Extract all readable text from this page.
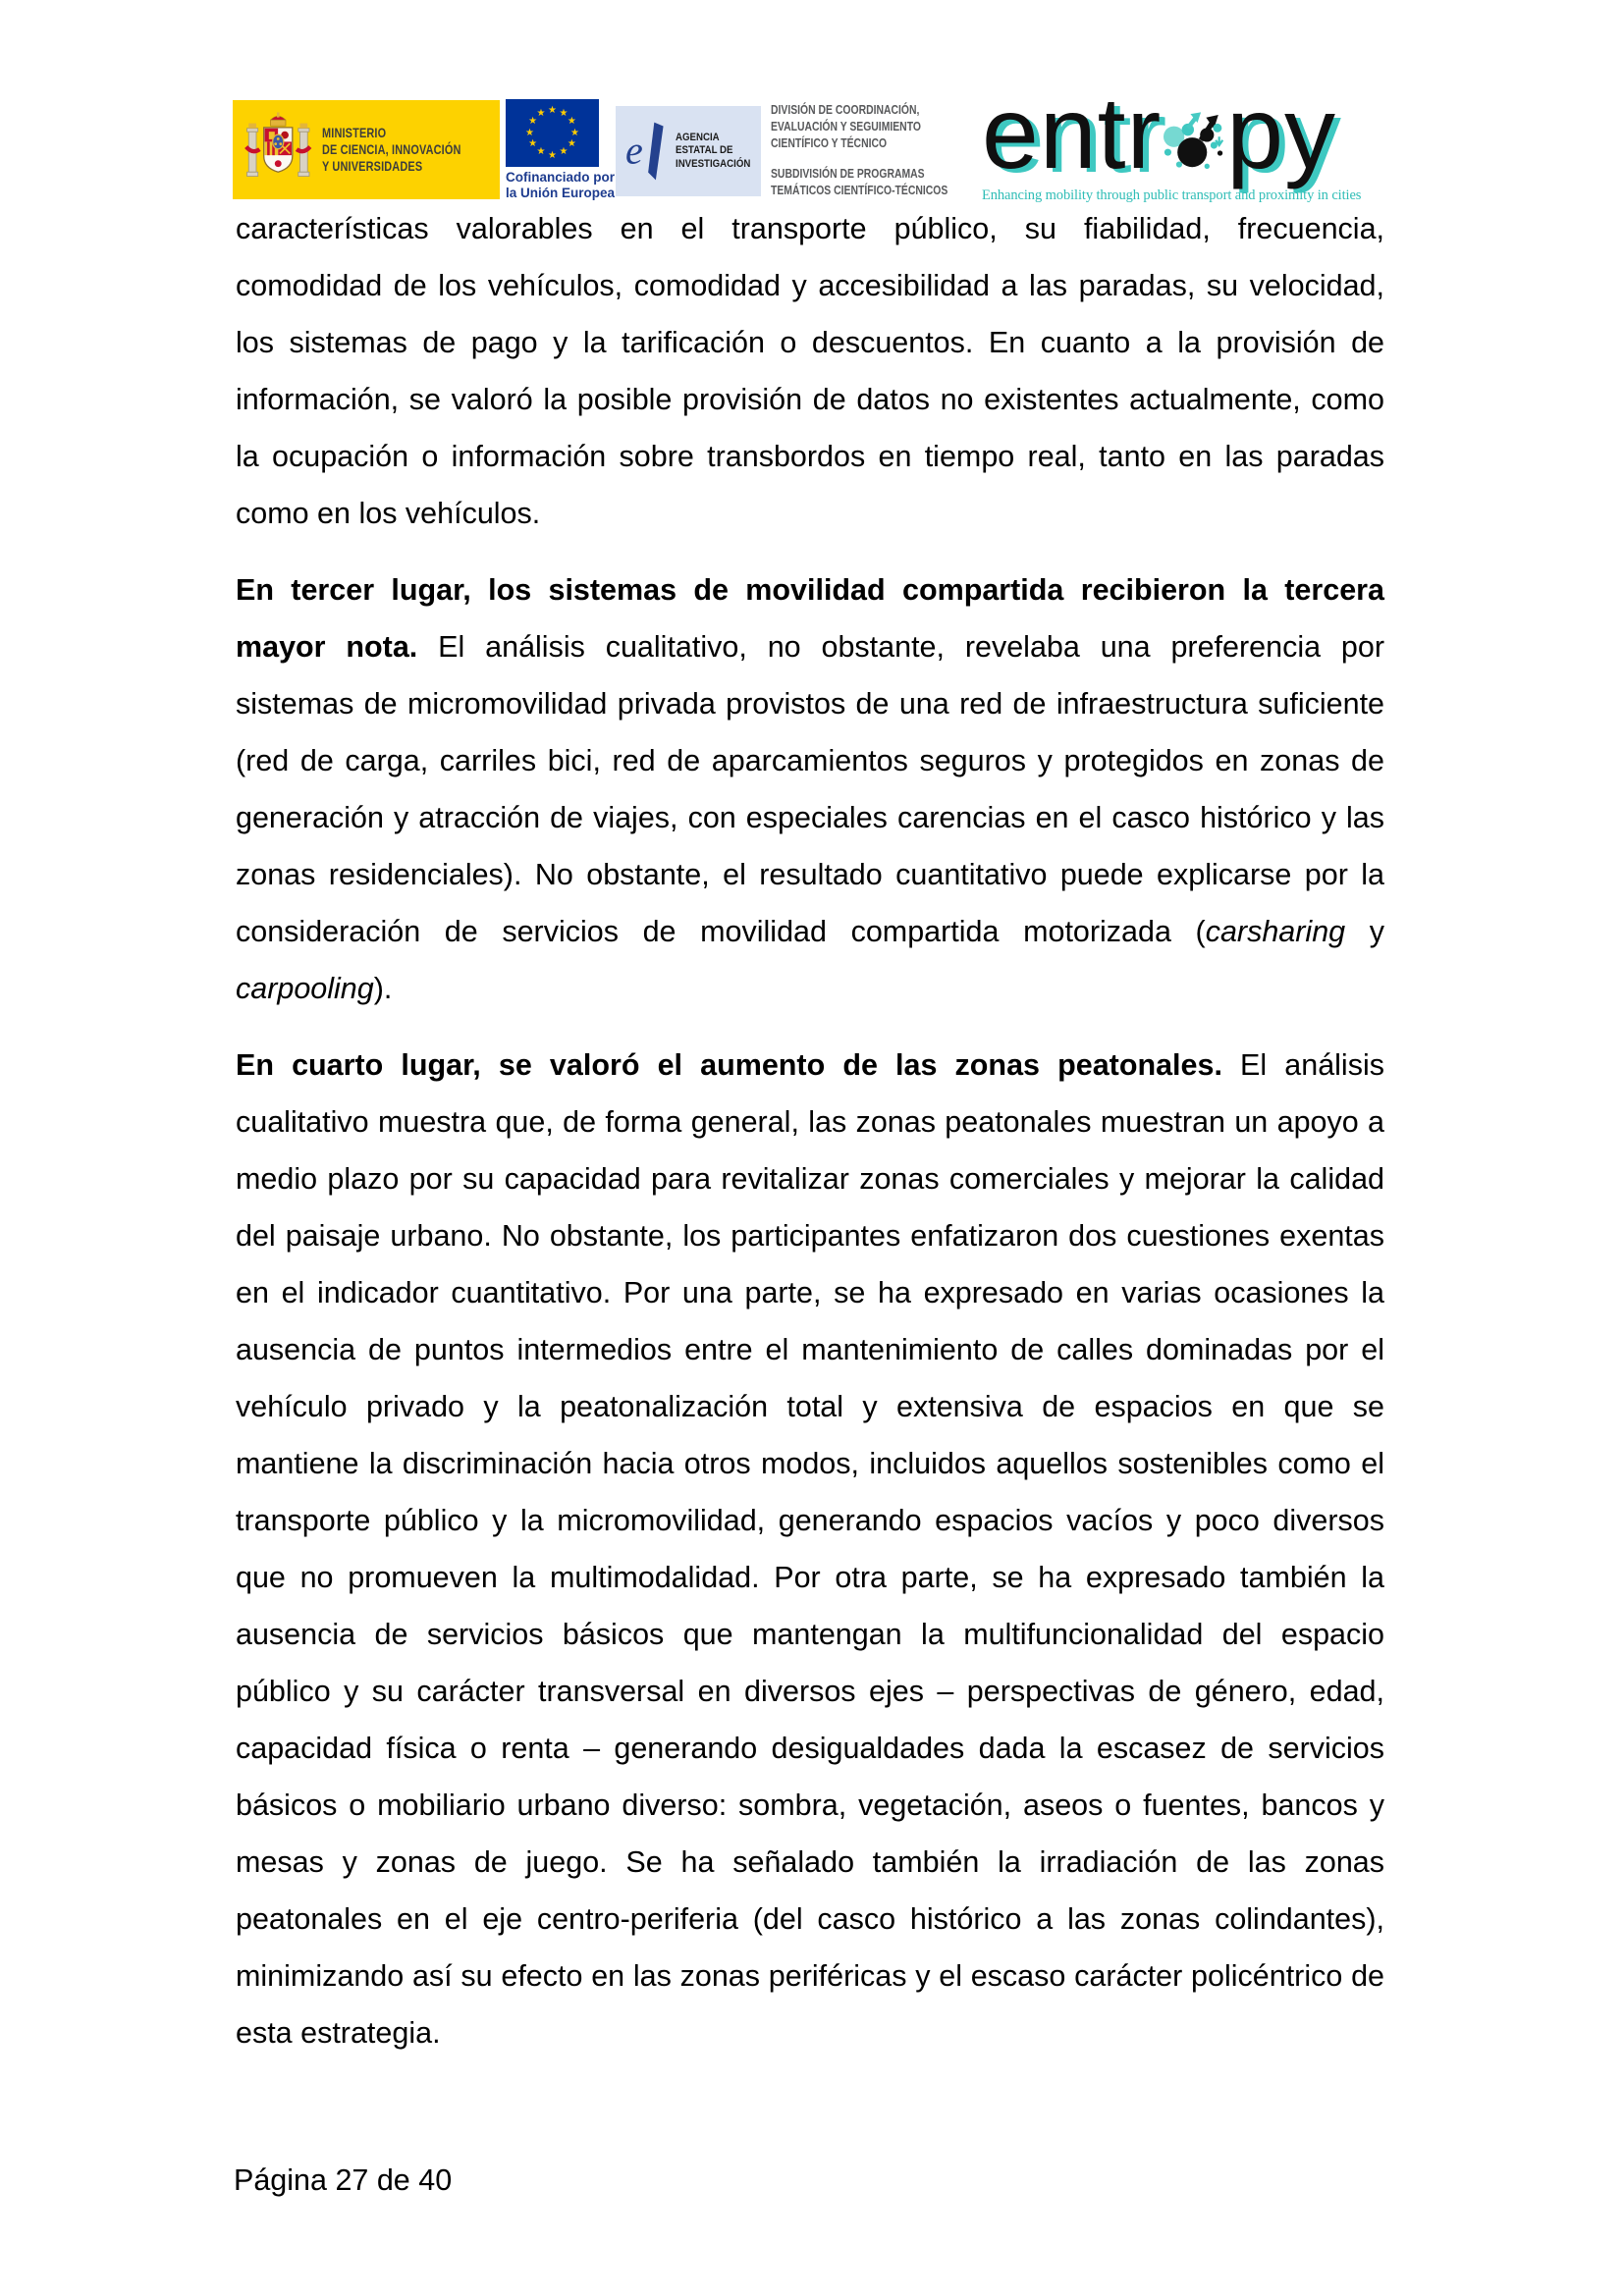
MINISTERIO
DE CIENCIA, INNOVACIÓN
Y UNIVERSIDADES
★ ★
★
★
★
★
★
★
★
★
★
★
Cofinanciado por
la Unión Europea
e	AGENCIA
ESTATAL DE
INVESTIGACIÓN
DIVISIÓN DE COORDINACIÓN,
EVALUACIÓN Y SEGUIMIENTO
CIENTÍFICO Y TÉCNICO
SUBDIVISIÓN DE PROGRAMAS
TEMÁTICOS CIENTÍFICO-TÉCNICOS entr py
Enhancing mobility through public transport and proximity in cities

características valorables en el transporte público, su fiabilidad, frecuencia, comodidad de los vehículos, comodidad y accesibilidad a las paradas, su velocidad, los sistemas de pago y la tarificación o descuentos. En cuanto a la provisión de información, se valoró la posible provisión de datos no existentes actualmente, como la ocupación o información sobre transbordos en tiempo real, tanto en las paradas como en los vehículos.

En tercer lugar, los sistemas de movilidad compartida recibieron la tercera mayor nota. El análisis cualitativo, no obstante, revelaba una preferencia por sistemas de micromovilidad privada provistos de una red de infraestructura suficiente (red de carga, carriles bici, red de aparcamientos seguros y protegidos en zonas de generación y atracción de viajes, con especiales carencias en el casco histórico y las zonas residenciales). No obstante, el resultado cuantitativo puede explicarse por la consideración de servicios de movilidad compartida motorizada (carsharing y carpooling).

En cuarto lugar, se valoró el aumento de las zonas peatonales. El análisis cualitativo muestra que, de forma general, las zonas peatonales muestran un apoyo a medio plazo por su capacidad para revitalizar zonas comerciales y mejorar la calidad del paisaje urbano. No obstante, los participantes enfatizaron dos cuestiones exentas en el indicador cuantitativo. Por una parte, se ha expresado en varias ocasiones la ausencia de puntos intermedios entre el mantenimiento de calles dominadas por el vehículo privado y la peatonalización total y extensiva de espacios en que se mantiene la discriminación hacia otros modos, incluidos aquellos sostenibles como el transporte público y la micromovilidad, generando espacios vacíos y poco diversos que no promueven la multimodalidad. Por otra parte, se ha expresado también la ausencia de servicios básicos que mantengan la multifuncionalidad del espacio público y su carácter transversal en diversos ejes – perspectivas de género, edad, capacidad física o renta – generando desigualdades dada la escasez de servicios básicos o mobiliario urbano diverso: sombra, vegetación, aseos o fuentes, bancos y mesas y zonas de juego. Se ha señalado también la irradiación de las zonas peatonales en el eje centro-periferia (del casco histórico a las zonas colindantes), minimizando así su efecto en las zonas periféricas y el escaso carácter policéntrico de esta estrategia.

Página 27 de 40
